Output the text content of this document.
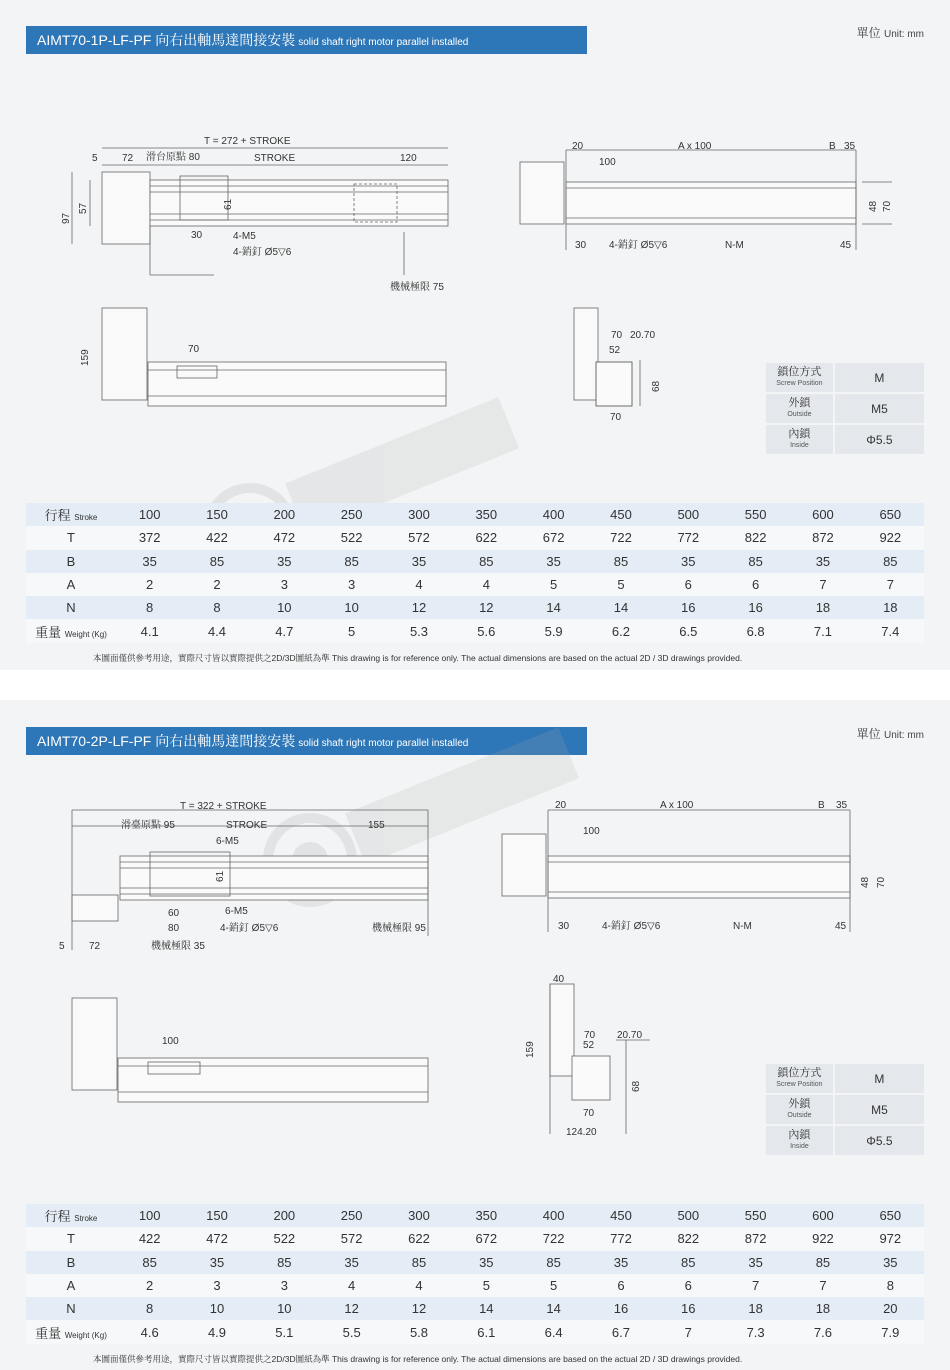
AIMT70-1P-LF-PF 向右出軸馬達間接安裝 solid shaft right motor parallel installed
單位 Unit: mm
T = 272 + STROKE
5 72 滑台原點 80	STROKE	120
97
57	61
30	4-M5
4-銷釘 Ø5▽6
機械極限 75
20	A x 100	B 35
100
48 70
30 4-銷釘 Ø5▽6	N-M	45
159	70
70 20.70
52
68
70
鎖位方式
Screw Position	M
外鎖
Outside	M5
內鎖
Inside	Φ5.5
行程 Stroke	100	150	200	250	300	350	400	450	500	550	600	650
T	372	422	472	522	572	622	672	722	772	822	872	922
B	35	85	35	85	35	85	35	85	35	85	35	85
A	2	2	3	3	4	4	5	5	6	6	7	7
N	8	8	10	10	12	12	14	14	16	16	18	18
重量 Weight (Kg)	4.1	4.4	4.7	5	5.3	5.6	5.9	6.2	6.5	6.8	7.1	7.4
本圖面僅供參考用途，實際尺寸皆以實際提供之2D/3D圖紙為準 This drawing is for reference only. The actual dimensions are based on the actual 2D / 3D drawings provided.
AIMT70-2P-LF-PF 向右出軸馬達間接安裝 solid shaft right motor parallel installed
單位 Unit: mm
T = 322 + STROKE
滑臺原點 95	STROKE	155
6-M5
61
60
80
6-M5
4-銷釘 Ø5▽6	機械極限 95
5 72	機械極限 35
20	A x 100	B 35
100
48 70
30	4-銷釘 Ø5▽6	N-M	45
100
40
159
70 20.70
52
68
70
124.20
鎖位方式
Screw Position	M
外鎖
Outside	M5
內鎖
Inside	Φ5.5
行程 Stroke	100	150	200	250	300	350	400	450	500	550	600	650
T	422	472	522	572	622	672	722	772	822	872	922	972
B	85	35	85	35	85	35	85	35	85	35	85	35
A	2	3	3	4	4	5	5	6	6	7	7	8
N	8	10	10	12	12	14	14	16	16	18	18	20
重量 Weight (Kg)	4.6	4.9	5.1	5.5	5.8	6.1	6.4	6.7	7	7.3	7.6	7.9
本圖面僅供參考用途，實際尺寸皆以實際提供之2D/3D圖紙為準 This drawing is for reference only. The actual dimensions are based on the actual 2D / 3D drawings provided.
